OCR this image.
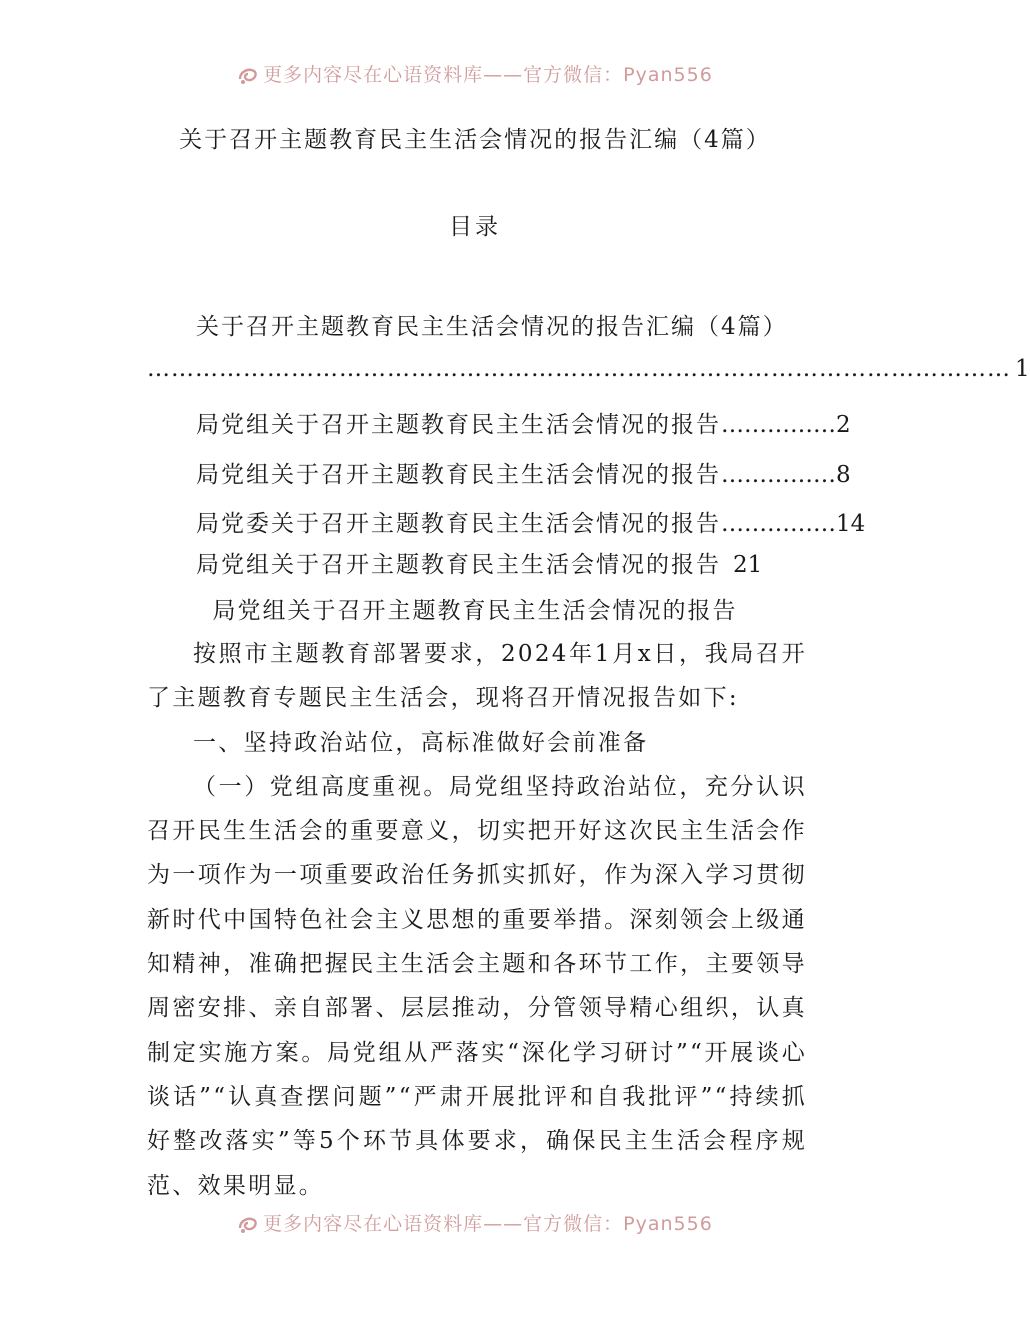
更多内容尽在心语资料库——官方微信：Pyan556
关于召开主题教育民主生活会情况的报告汇编（4篇）
目录
关于召开主题教育民主生活会情况的报告汇编（4篇）
……………………………………………………………………………………………… 1
局党组关于召开主题教育民主生活会情况的报告 …………… 2
局党组关于召开主题教育民主生活会情况的报告 …………… 8
局党委关于召开主题教育民主生活会情况的报告 …………… 14
局党组关于召开主题教育民主生活会情况的报告 21
局党组关于召开主题教育民主生活会情况的报告

按照市主题教育部署要求，2024年1月x日，我局召开了主题教育专题民主生活会，现将召开情况报告如下:

一、坚持政治站位，高标准做好会前准备

（一）党组高度重视。局党组坚持政治站位，充分认识召开民生生活会的重要意义，切实把开好这次民主生活会作为一项作为一项重要政治任务抓实抓好，作为深入学习贯彻新时代中国特色社会主义思想的重要举措。深刻领会上级通知精神，准确把握民主生活会主题和各环节工作，主要领导周密安排、亲自部署、层层推动，分管领导精心组织，认真制定实施方案。局党组从严落实“深化学习研讨”“开展谈心谈话”“认真查摆问题”“严肃开展批评和自我批评”“持续抓好整改落实”等5个环节具体要求，确保民主生活会程序规范、效果明显。

更多内容尽在心语资料库——官方微信：Pyan556
